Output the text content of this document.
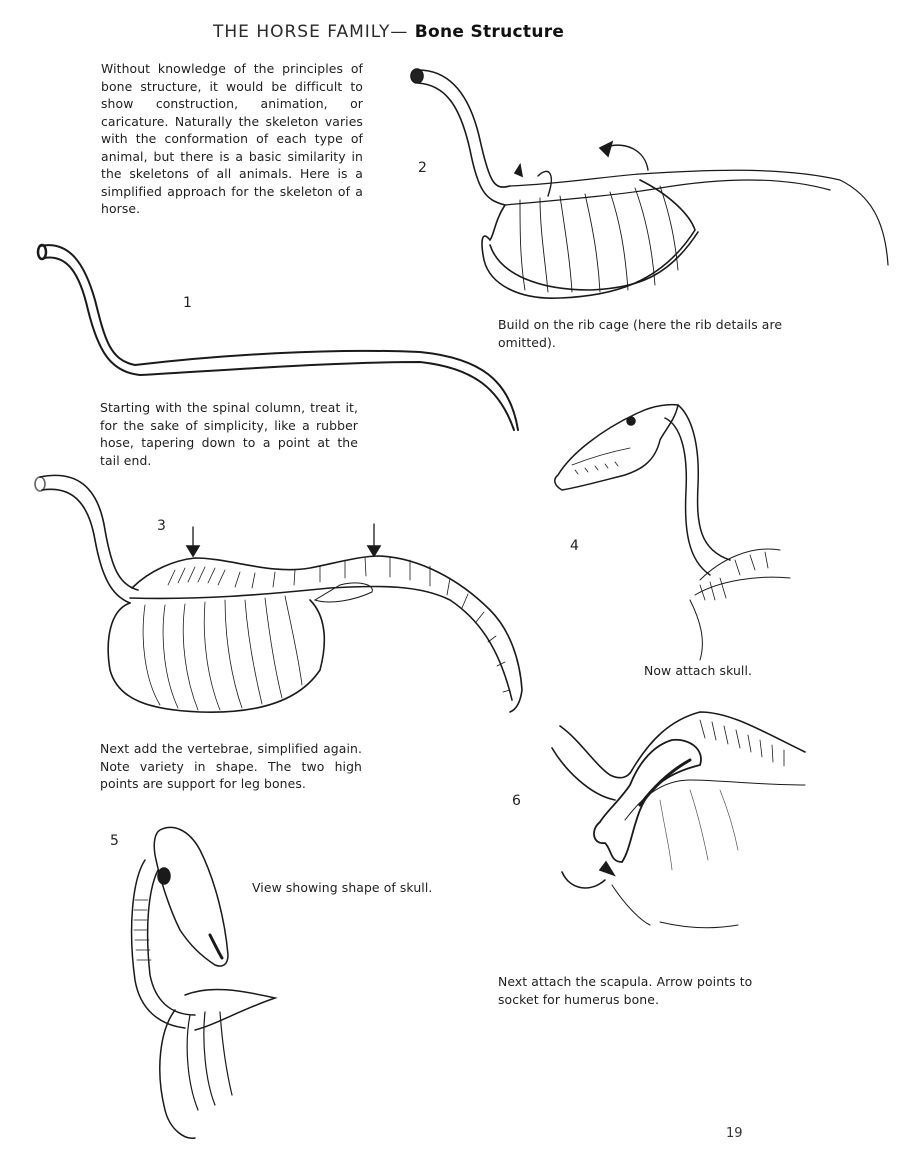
THE HORSE FAMILY— Bone Structure
Without knowledge of the principles of bone structure, it would be difficult to show construction, animation, or caricature. Naturally the skeleton varies with the conformation of each type of animal, but there is a basic similarity in the skeletons of all animals. Here is a simplified approach for the skeleton of a horse.
1
Starting with the spinal column, treat it, for the sake of simplicity, like a rubber hose, tapering down to a point at the tail end.
2
Build on the rib cage (here the rib details are omitted).
3
Next add the vertebrae, simplified again. Note variety in shape. The two high points are support for leg bones.
4
Now attach skull.
5
View showing shape of skull.
6
Next attach the scapula. Arrow points to socket for humerus bone.
19
